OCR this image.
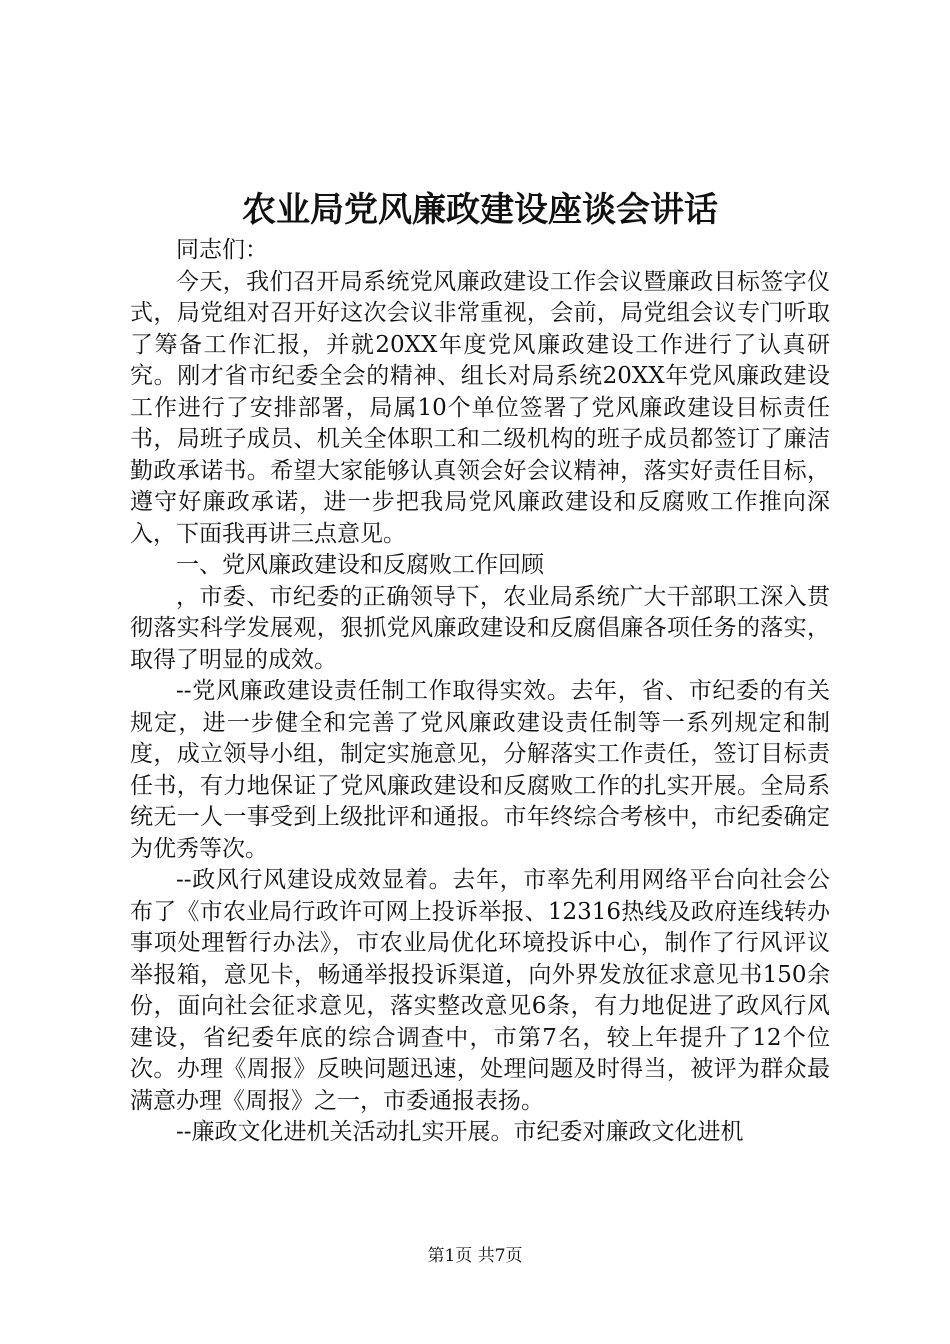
农业局党风廉政建设座谈会讲话

同志们：

今天，我们召开局系统党风廉政建设工作会议暨廉政目标签字仪式，局党组对召开好这次会议非常重视，会前，局党组会议专门听取了筹备工作汇报，并就20XX年度党风廉政建设工作进行了认真研究。刚才省市纪委全会的精神、组长对局系统20XX年党风廉政建设工作进行了安排部署，局属10个单位签署了党风廉政建设目标责任书，局班子成员、机关全体职工和二级机构的班子成员都签订了廉洁勤政承诺书。希望大家能够认真领会好会议精神，落实好责任目标，遵守好廉政承诺，进一步把我局党风廉政建设和反腐败工作推向深入，下面我再讲三点意见。

一、党风廉政建设和反腐败工作回顾

，市委、市纪委的正确领导下，农业局系统广大干部职工深入贯彻落实科学发展观，狠抓党风廉政建设和反腐倡廉各项任务的落实，取得了明显的成效。

--党风廉政建设责任制工作取得实效。去年，省、市纪委的有关规定，进一步健全和完善了党风廉政建设责任制等一系列规定和制度，成立领导小组，制定实施意见，分解落实工作责任，签订目标责任书，有力地保证了党风廉政建设和反腐败工作的扎实开展。全局系统无一人一事受到上级批评和通报。市年终综合考核中，市纪委确定为优秀等次。

--政风行风建设成效显着。去年，市率先利用网络平台向社会公布了《市农业局行政许可网上投诉举报、12316热线及政府连线转办事项处理暂行办法》，市农业局优化环境投诉中心，制作了行风评议举报箱，意见卡，畅通举报投诉渠道，向外界发放征求意见书150余份，面向社会征求意见，落实整改意见6条，有力地促进了政风行风建设，省纪委年底的综合调查中，市第7名，较上年提升了12个位次。办理《周报》反映问题迅速，处理问题及时得当，被评为群众最满意办理《周报》之一，市委通报表扬。

--廉政文化进机关活动扎实开展。市纪委对廉政文化进机

第1页 共7页
